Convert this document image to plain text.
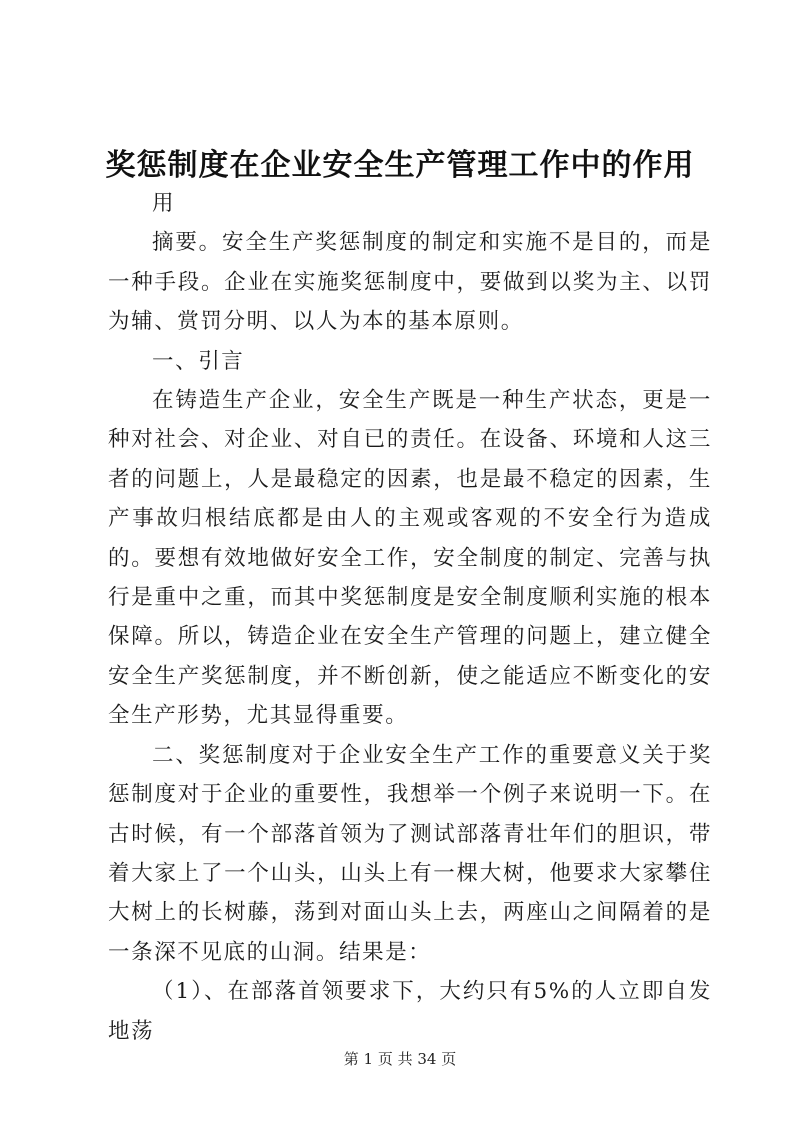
奖惩制度在企业安全生产管理工作中的作用

用

摘要。安全生产奖惩制度的制定和实施不是目的，而是一种手段。企业在实施奖惩制度中，要做到以奖为主、以罚为辅、赏罚分明、以人为本的基本原则。

一、引言

在铸造生产企业，安全生产既是一种生产状态，更是一种对社会、对企业、对自已的责任。在设备、环境和人这三者的问题上，人是最稳定的因素，也是最不稳定的因素，生产事故归根结底都是由人的主观或客观的不安全行为造成的。要想有效地做好安全工作，安全制度的制定、完善与执行是重中之重，而其中奖惩制度是安全制度顺利实施的根本保障。所以，铸造企业在安全生产管理的问题上，建立健全安全生产奖惩制度，并不断创新，使之能适应不断变化的安全生产形势，尤其显得重要。

二、奖惩制度对于企业安全生产工作的重要意义关于奖惩制度对于企业的重要性，我想举一个例子来说明一下。在古时候，有一个部落首领为了测试部落青壮年们的胆识，带着大家上了一个山头，山头上有一棵大树，他要求大家攀住大树上的长树藤，荡到对面山头上去，两座山之间隔着的是一条深不见底的山洞。结果是：

（1）、在部落首领要求下，大约只有5%的人立即自发地荡

第 1 页 共 34 页
